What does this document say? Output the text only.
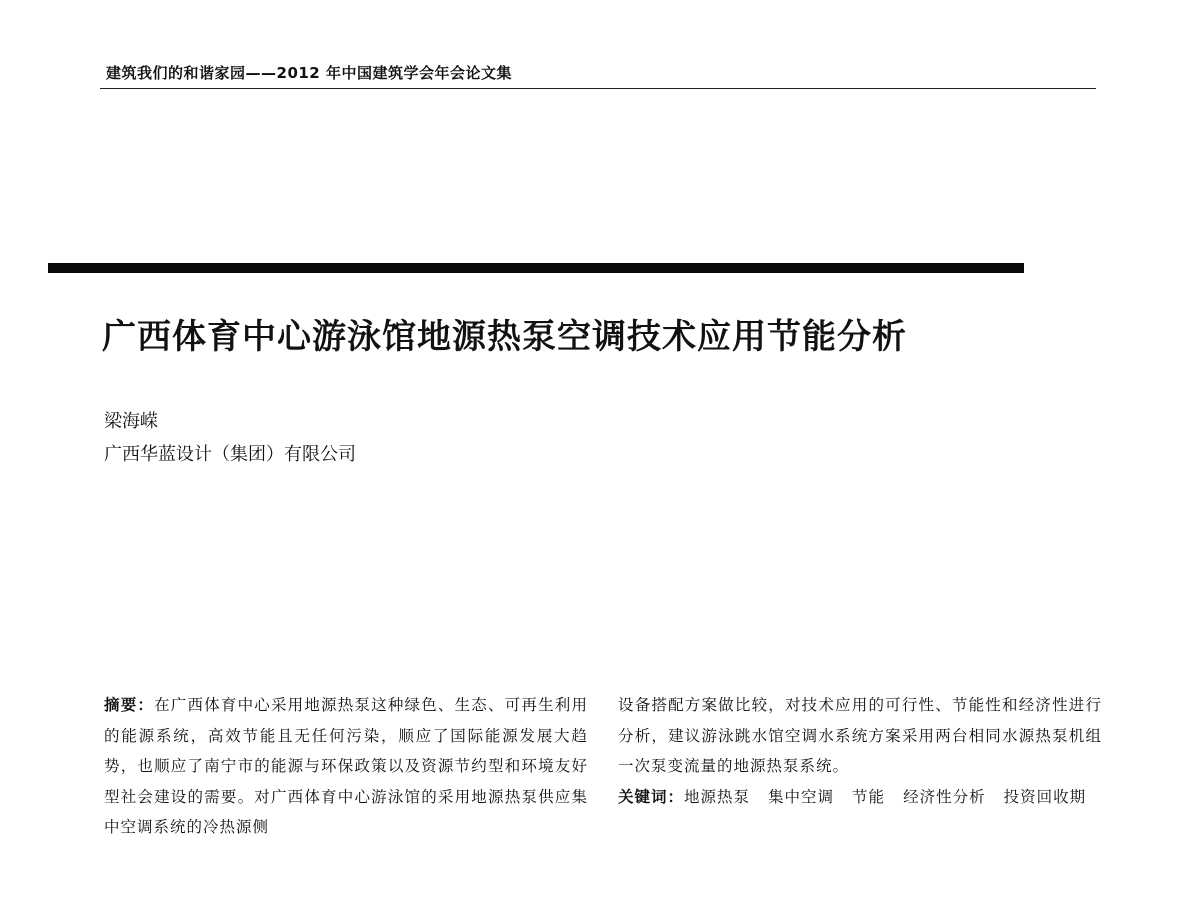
建筑我们的和谐家园——2012 年中国建筑学会年会论文集
广西体育中心游泳馆地源热泵空调技术应用节能分析
梁海嵘
广西华蓝设计（集团）有限公司
摘要：在广西体育中心采用地源热泵这种绿色、生态、可再生利用的能源系统，高效节能且无任何污染，顺应了国际能源发展大趋势，也顺应了南宁市的能源与环保政策以及资源节约型和环境友好型社会建设的需要。对广西体育中心游泳馆的采用地源热泵供应集中空调系统的冷热源侧
设备搭配方案做比较，对技术应用的可行性、节能性和经济性进行分析，建议游泳跳水馆空调水系统方案采用两台相同水源热泵机组一次泵变流量的地源热泵系统。
关键词：地源热泵 集中空调 节能 经济性分析 投资回收期
